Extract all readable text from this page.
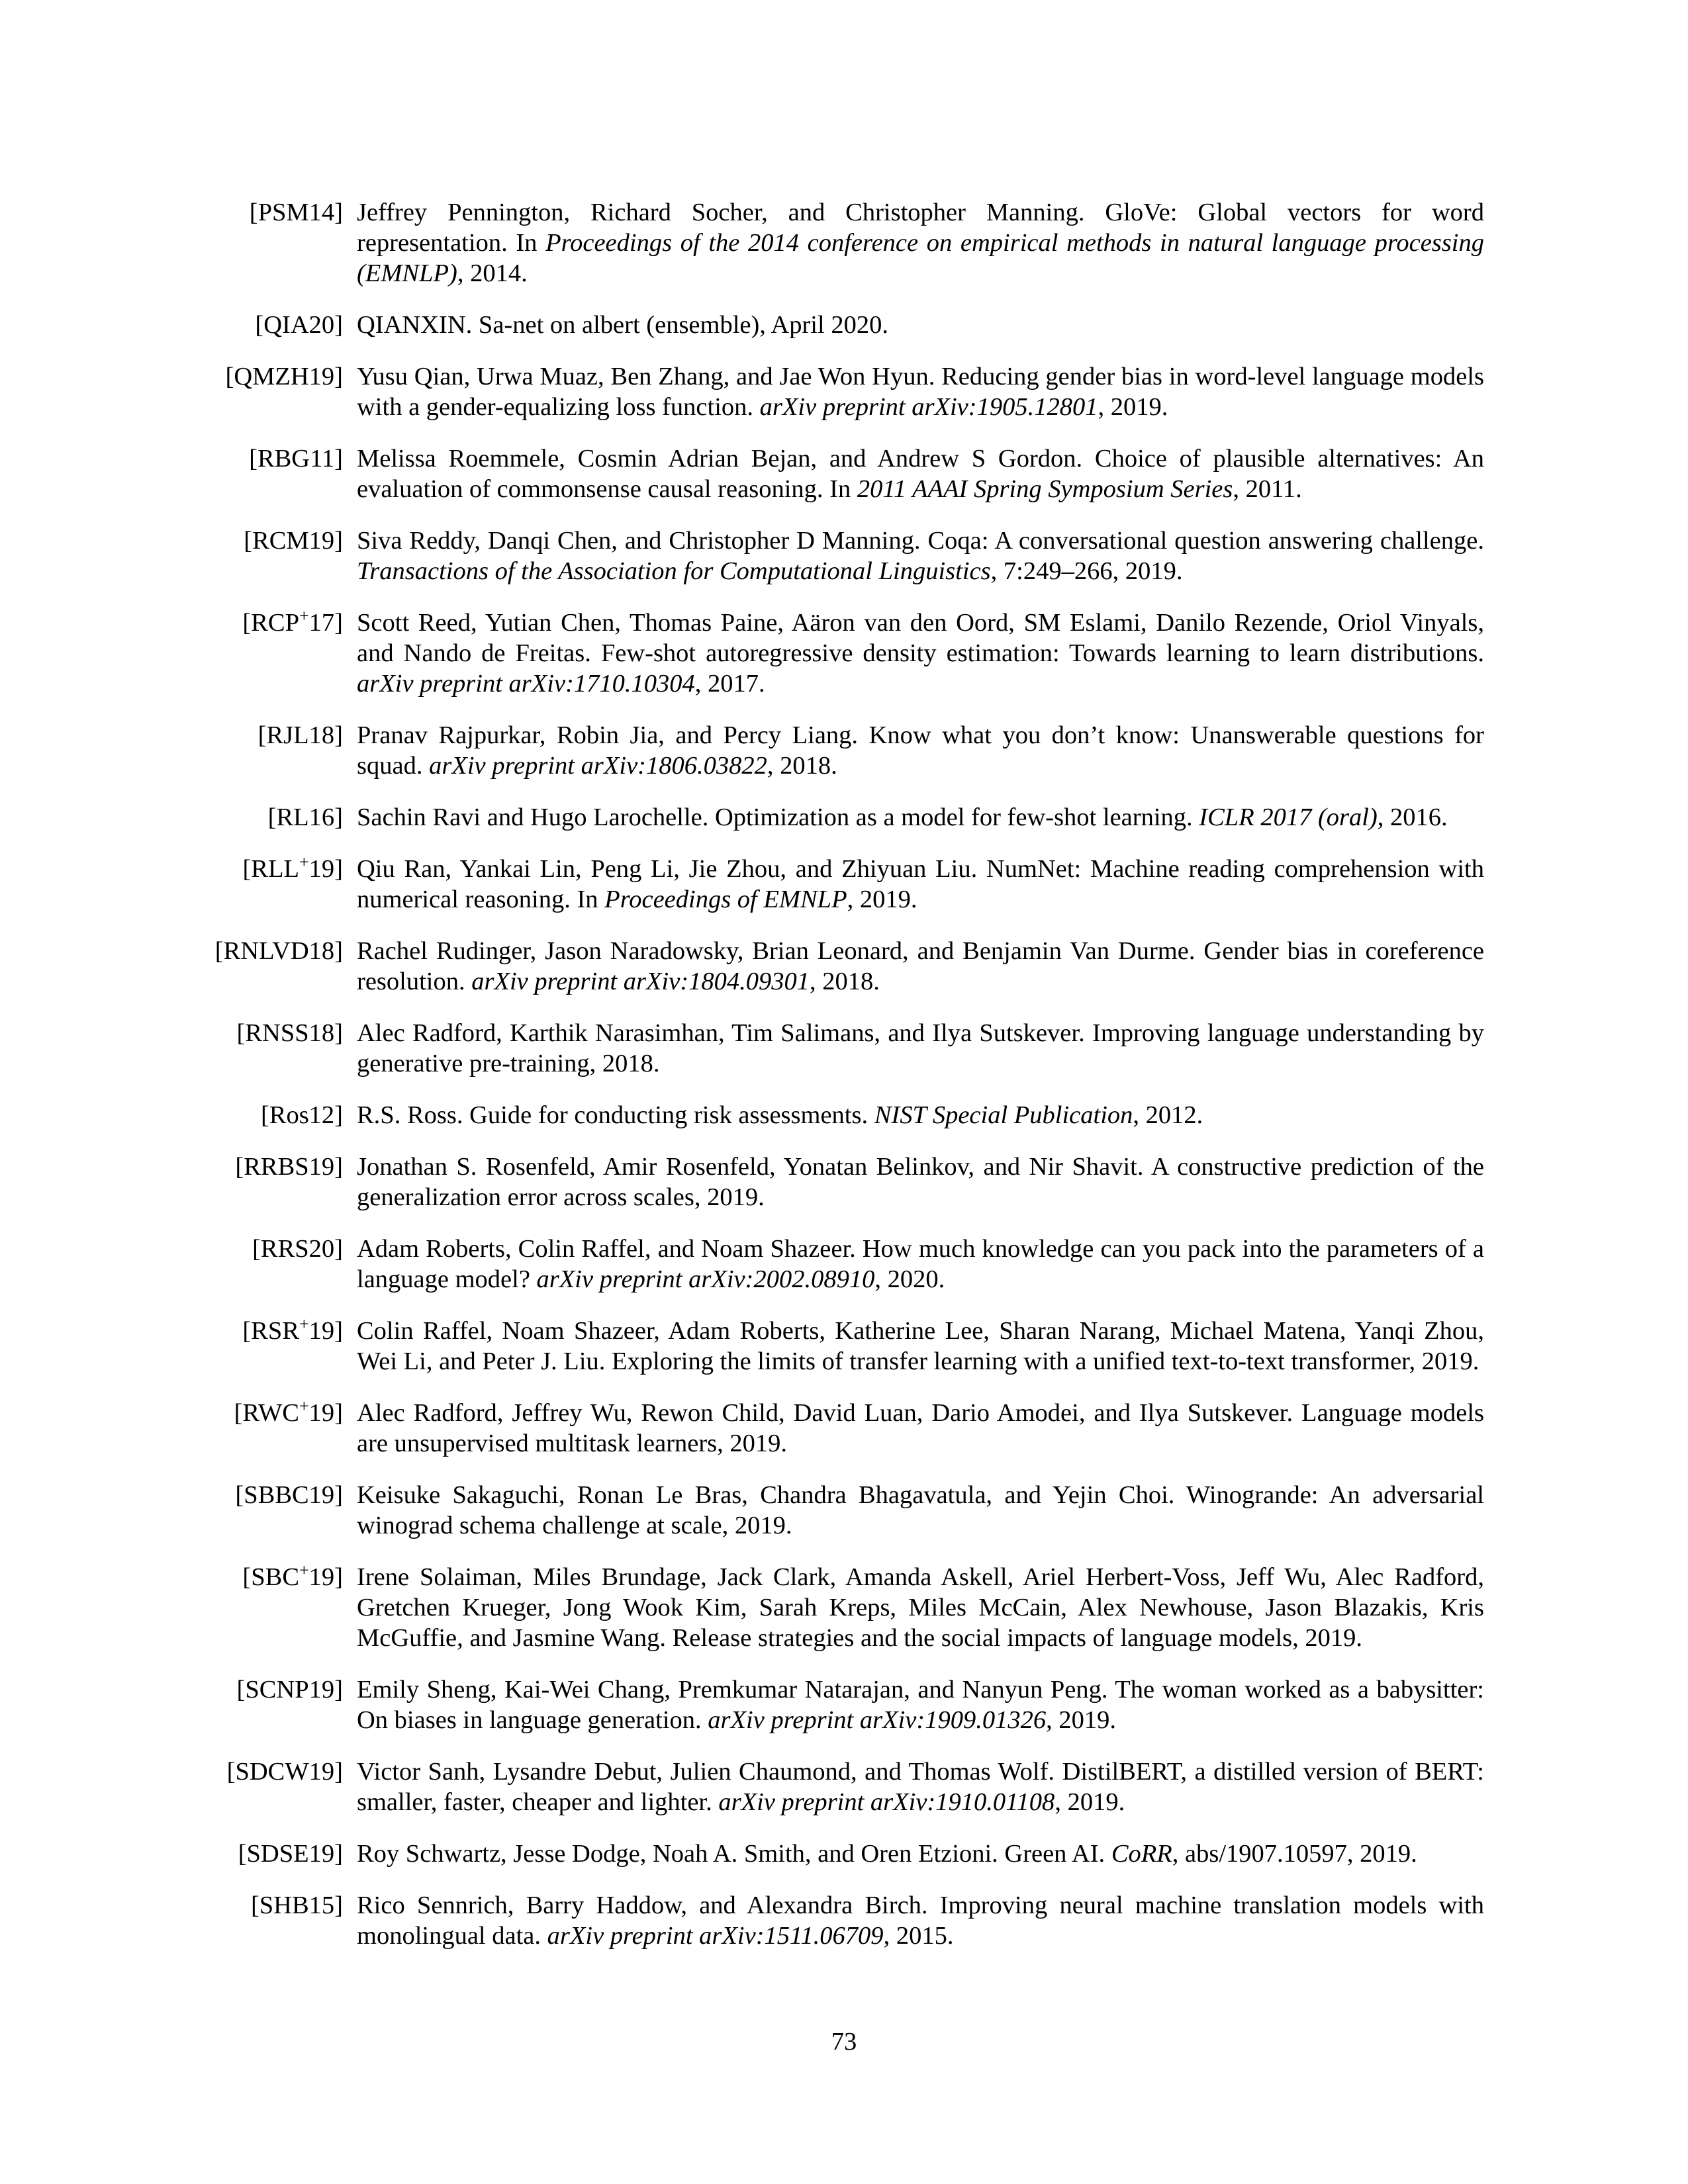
[PSM14] Jeffrey Pennington, Richard Socher, and Christopher Manning. GloVe: Global vectors for word representation. In Proceedings of the 2014 conference on empirical methods in natural language processing (EMNLP), 2014.
[QIA20] QIANXIN. Sa-net on albert (ensemble), April 2020.
[QMZH19] Yusu Qian, Urwa Muaz, Ben Zhang, and Jae Won Hyun. Reducing gender bias in word-level language models with a gender-equalizing loss function. arXiv preprint arXiv:1905.12801, 2019.
[RBG11] Melissa Roemmele, Cosmin Adrian Bejan, and Andrew S Gordon. Choice of plausible alternatives: An evaluation of commonsense causal reasoning. In 2011 AAAI Spring Symposium Series, 2011.
[RCM19] Siva Reddy, Danqi Chen, and Christopher D Manning. Coqa: A conversational question answering challenge. Transactions of the Association for Computational Linguistics, 7:249–266, 2019.
[RCP+17] Scott Reed, Yutian Chen, Thomas Paine, Aäron van den Oord, SM Eslami, Danilo Rezende, Oriol Vinyals, and Nando de Freitas. Few-shot autoregressive density estimation: Towards learning to learn distributions. arXiv preprint arXiv:1710.10304, 2017.
[RJL18] Pranav Rajpurkar, Robin Jia, and Percy Liang. Know what you don’t know: Unanswerable questions for squad. arXiv preprint arXiv:1806.03822, 2018.
[RL16] Sachin Ravi and Hugo Larochelle. Optimization as a model for few-shot learning. ICLR 2017 (oral), 2016.
[RLL+19] Qiu Ran, Yankai Lin, Peng Li, Jie Zhou, and Zhiyuan Liu. NumNet: Machine reading comprehension with numerical reasoning. In Proceedings of EMNLP, 2019.
[RNLVD18] Rachel Rudinger, Jason Naradowsky, Brian Leonard, and Benjamin Van Durme. Gender bias in coreference resolution. arXiv preprint arXiv:1804.09301, 2018.
[RNSS18] Alec Radford, Karthik Narasimhan, Tim Salimans, and Ilya Sutskever. Improving language understanding by generative pre-training, 2018.
[Ros12] R.S. Ross. Guide for conducting risk assessments. NIST Special Publication, 2012.
[RRBS19] Jonathan S. Rosenfeld, Amir Rosenfeld, Yonatan Belinkov, and Nir Shavit. A constructive prediction of the generalization error across scales, 2019.
[RRS20] Adam Roberts, Colin Raffel, and Noam Shazeer. How much knowledge can you pack into the parameters of a language model? arXiv preprint arXiv:2002.08910, 2020.
[RSR+19] Colin Raffel, Noam Shazeer, Adam Roberts, Katherine Lee, Sharan Narang, Michael Matena, Yanqi Zhou, Wei Li, and Peter J. Liu. Exploring the limits of transfer learning with a unified text-to-text transformer, 2019.
[RWC+19] Alec Radford, Jeffrey Wu, Rewon Child, David Luan, Dario Amodei, and Ilya Sutskever. Language models are unsupervised multitask learners, 2019.
[SBBC19] Keisuke Sakaguchi, Ronan Le Bras, Chandra Bhagavatula, and Yejin Choi. Winogrande: An adversarial winograd schema challenge at scale, 2019.
[SBC+19] Irene Solaiman, Miles Brundage, Jack Clark, Amanda Askell, Ariel Herbert-Voss, Jeff Wu, Alec Radford, Gretchen Krueger, Jong Wook Kim, Sarah Kreps, Miles McCain, Alex Newhouse, Jason Blazakis, Kris McGuffie, and Jasmine Wang. Release strategies and the social impacts of language models, 2019.
[SCNP19] Emily Sheng, Kai-Wei Chang, Premkumar Natarajan, and Nanyun Peng. The woman worked as a babysitter: On biases in language generation. arXiv preprint arXiv:1909.01326, 2019.
[SDCW19] Victor Sanh, Lysandre Debut, Julien Chaumond, and Thomas Wolf. DistilBERT, a distilled version of BERT: smaller, faster, cheaper and lighter. arXiv preprint arXiv:1910.01108, 2019.
[SDSE19] Roy Schwartz, Jesse Dodge, Noah A. Smith, and Oren Etzioni. Green AI. CoRR, abs/1907.10597, 2019.
[SHB15] Rico Sennrich, Barry Haddow, and Alexandra Birch. Improving neural machine translation models with monolingual data. arXiv preprint arXiv:1511.06709, 2015.
73
